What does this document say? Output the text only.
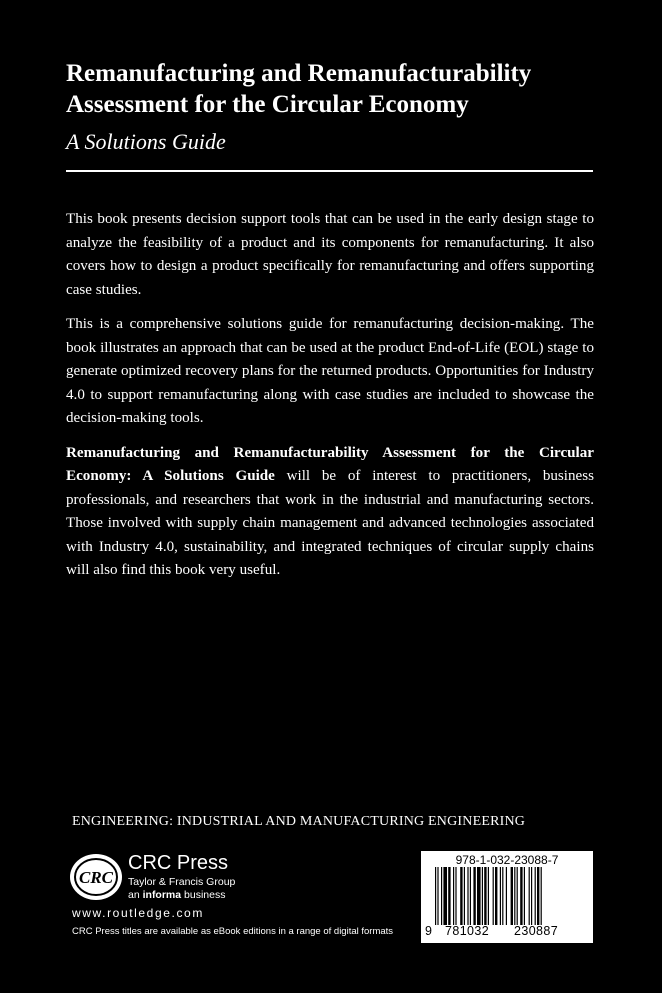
Remanufacturing and Remanufacturability
Assessment for the Circular Economy
A Solutions Guide

This book presents decision support tools that can be used in the early design stage to analyze the feasibility of a product and its components for remanufacturing. It also covers how to design a product specifically for remanufacturing and offers supporting case studies.

This is a comprehensive solutions guide for remanufacturing decision-making. The book illustrates an approach that can be used at the product End-of-Life (EOL) stage to generate optimized recovery plans for the returned products. Opportunities for Industry 4.0 to support remanufacturing along with case studies are included to showcase the decision-making tools.

Remanufacturing and Remanufacturability Assessment for the Circular Economy: A Solutions Guide will be of interest to practitioners, business professionals, and researchers that work in the industrial and manufacturing sectors. Those involved with supply chain management and advanced technologies associated with Industry 4.0, sustainability, and integrated techniques of circular supply chains will also find this book very useful.

ENGINEERING: INDUSTRIAL AND MANUFACTURING ENGINEERING
CRC
CRC Press
Taylor & Francis Group
an informa business
www.routledge.com
CRC Press titles are available as eBook editions in a range of digital formats
978-1-032-23088-7
9 781032 230887
